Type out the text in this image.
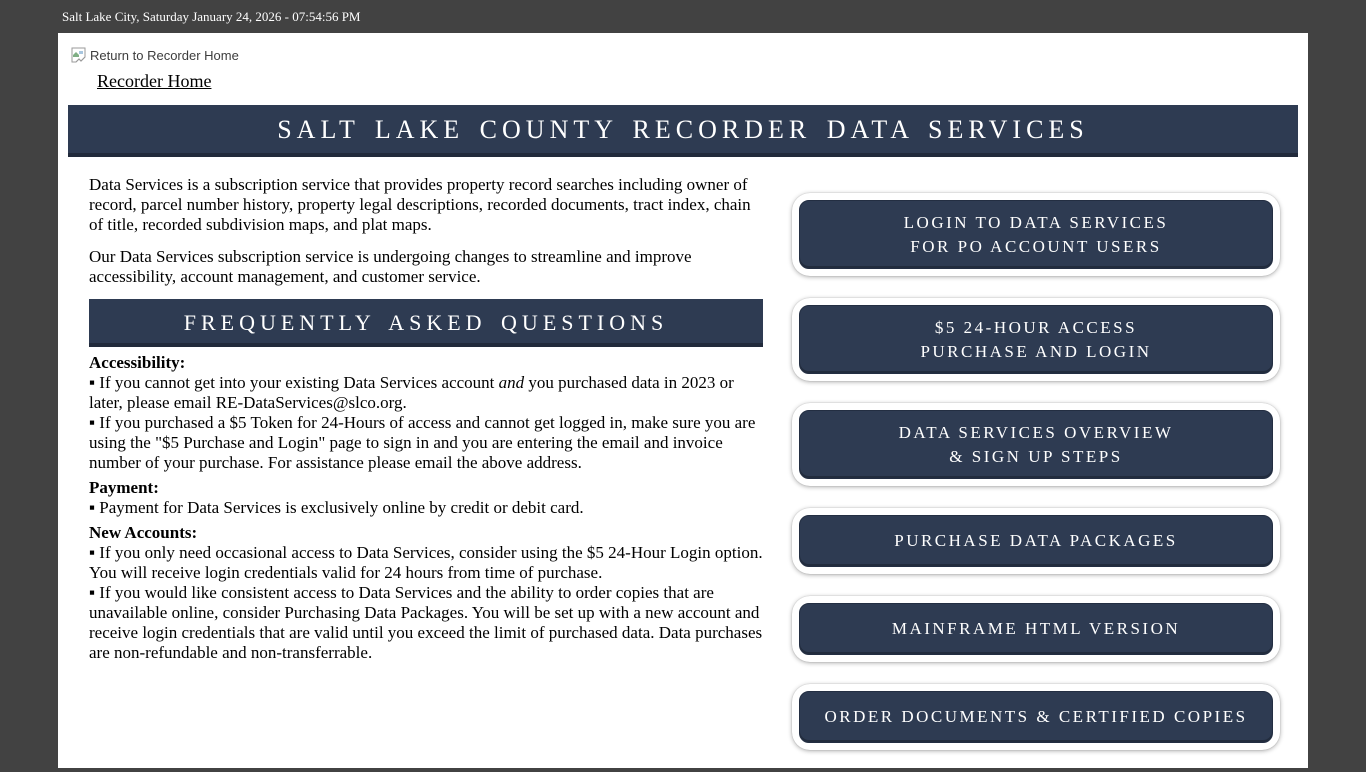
Salt Lake City, Saturday January 24, 2026 - 07:54:56 PM
Return to Recorder Home
Recorder Home
SALT LAKE COUNTY RECORDER DATA SERVICES

Data Services is a subscription service that provides property record searches including owner of record, parcel number history, property legal descriptions, recorded documents, tract index, chain of title, recorded subdivision maps, and plat maps.

Our Data Services subscription service is undergoing changes to streamline and improve accessibility, account management, and customer service.

FREQUENTLY ASKED QUESTIONS
Accessibility:
▪ If you cannot get into your existing Data Services account and you purchased data in 2023 or later, please email RE-DataServices@slco.org.
▪ If you purchased a $5 Token for 24-Hours of access and cannot get logged in, make sure you are using the "$5 Purchase and Login" page to sign in and you are entering the email and invoice number of your purchase. For assistance please email the above address.
Payment:
▪ Payment for Data Services is exclusively online by credit or debit card.
New Accounts:
▪ If you only need occasional access to Data Services, consider using the $5 24-Hour Login option. You will receive login credentials valid for 24 hours from time of purchase.
▪ If you would like consistent access to Data Services and the ability to order copies that are unavailable online, consider Purchasing Data Packages. You will be set up with a new account and receive login credentials that are valid until you exceed the limit of purchased data. Data purchases are non-refundable and non-transferrable.
LOGIN TO DATA SERVICES
FOR PO ACCOUNT USERS
$5 24-HOUR ACCESS
PURCHASE AND LOGIN
DATA SERVICES OVERVIEW
& SIGN UP STEPS
PURCHASE DATA PACKAGES
MAINFRAME HTML VERSION
ORDER DOCUMENTS & CERTIFIED COPIES
